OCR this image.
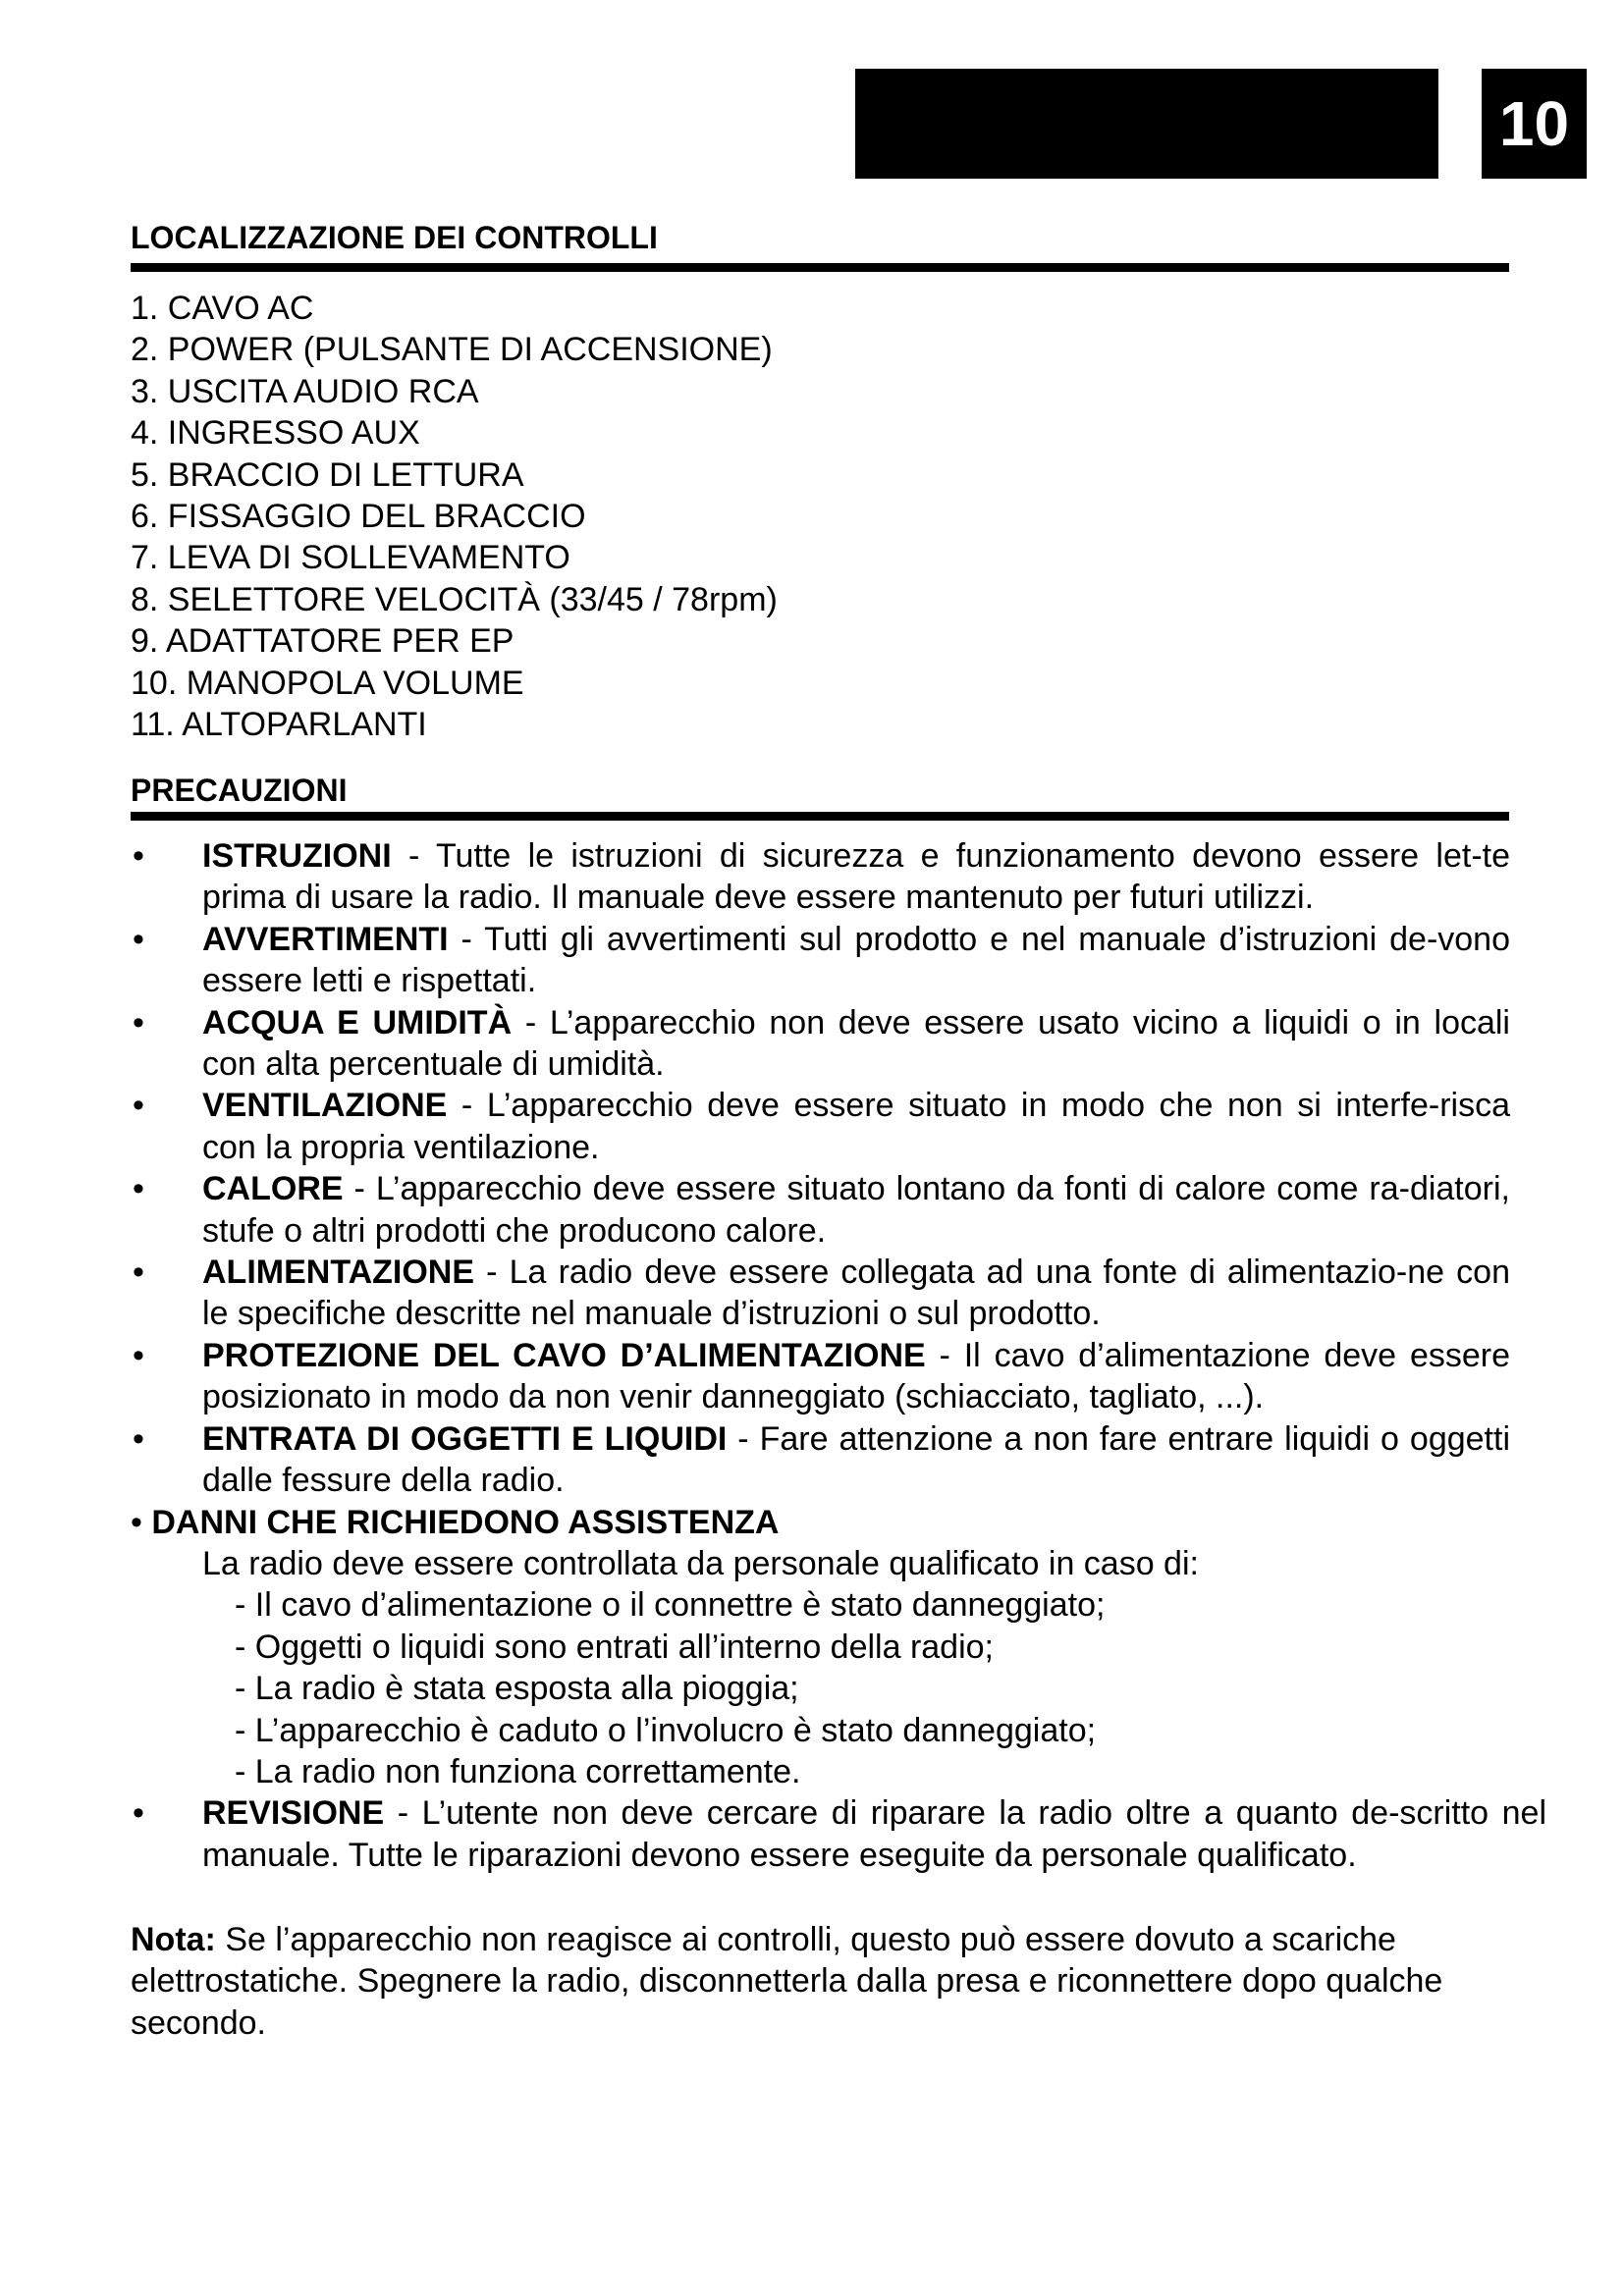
10
LOCALIZZAZIONE DEI CONTROLLI
1. CAVO AC
2. POWER (PULSANTE DI ACCENSIONE)
3. USCITA AUDIO RCA
4. INGRESSO AUX
5. BRACCIO DI LETTURA
6. FISSAGGIO DEL BRACCIO
7. LEVA DI SOLLEVAMENTO
8. SELETTORE VELOCITÀ (33/45 / 78rpm)
9. ADATTATORE PER EP
10. MANOPOLA VOLUME
11. ALTOPARLANTI
PRECAUZIONI
• ISTRUZIONI - Tutte le istruzioni di sicurezza e funzionamento devono essere let-te prima di usare la radio. Il manuale deve essere mantenuto per futuri utilizzi.
• AVVERTIMENTI - Tutti gli avvertimenti sul prodotto e nel manuale d’istruzioni de-vono essere letti e rispettati.
• ACQUA E UMIDITÀ - L’apparecchio non deve essere usato vicino a liquidi o in locali con alta percentuale di umidità.
• VENTILAZIONE - L’apparecchio deve essere situato in modo che non si interfe-risca con la propria ventilazione.
• CALORE - L’apparecchio deve essere situato lontano da fonti di calore come ra-diatori, stufe o altri prodotti che producono calore.
• ALIMENTAZIONE - La radio deve essere collegata ad una fonte di alimentazio-ne con le specifiche descritte nel manuale d’istruzioni o sul prodotto.
• PROTEZIONE DEL CAVO D’ALIMENTAZIONE - Il cavo d’alimentazione deve essere posizionato in modo da non venir danneggiato (schiacciato, tagliato, ...).
• ENTRATA DI OGGETTI E LIQUIDI - Fare attenzione a non fare entrare liquidi o oggetti dalle fessure della radio.
• DANNI CHE RICHIEDONO ASSISTENZA
La radio deve essere controllata da personale qualificato in caso di:
- Il cavo d’alimentazione o il connettre è stato danneggiato;
- Oggetti o liquidi sono entrati all’interno della radio;
- La radio è stata esposta alla pioggia;
- L’apparecchio è caduto o l’involucro è stato danneggiato;
- La radio non funziona correttamente.
• REVISIONE - L’utente non deve cercare di riparare la radio oltre a quanto de-scritto nel manuale. Tutte le riparazioni devono essere eseguite da personale qualificato.

Nota: Se l’apparecchio non reagisce ai controlli, questo può essere dovuto a scariche elettrostatiche. Spegnere la radio, disconnetterla dalla presa e riconnettere dopo qualche secondo.
